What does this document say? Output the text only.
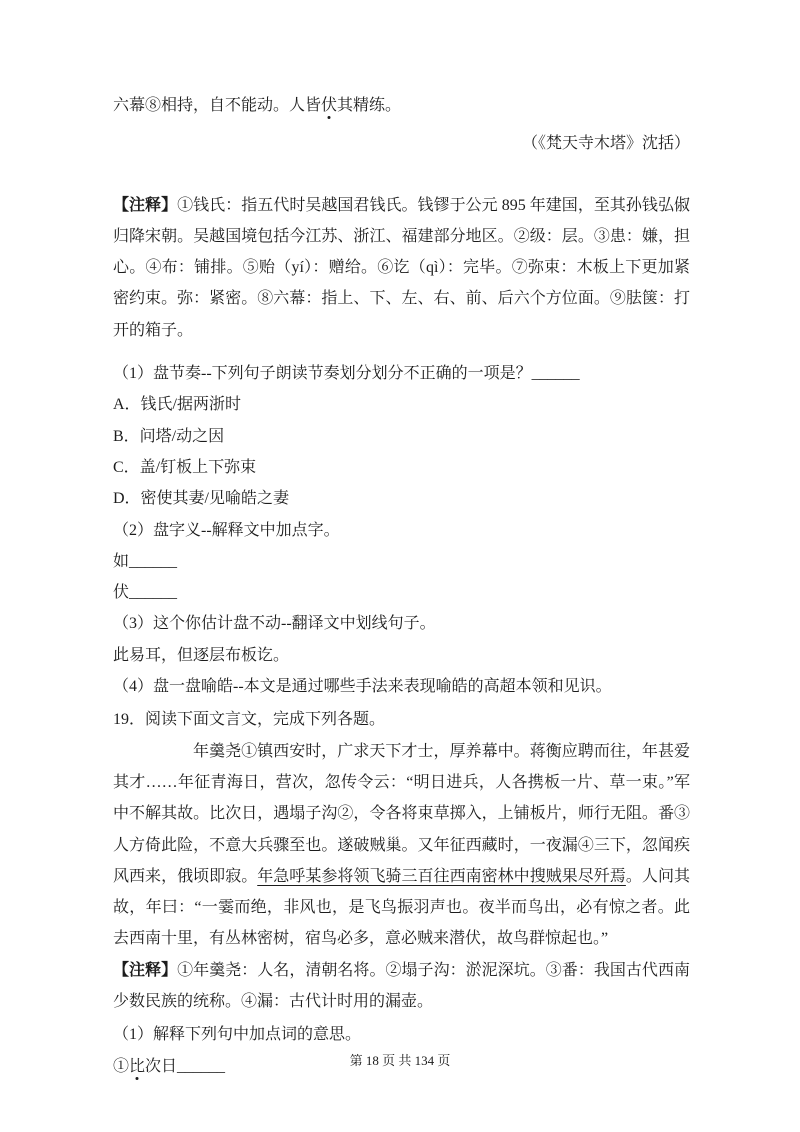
六幕⑧相持，自不能动。人皆伏其精练。

（《梵天寺木塔》沈括）

【注释】①钱氏：指五代时吴越国君钱氏。钱镠于公元 895 年建国，至其孙钱弘俶归降宋朝。吴越国境包括今江苏、浙江、福建部分地区。②级：层。③患：嫌，担心。④布：铺排。⑤贻（yí）：赠给。⑥讫（qì）：完毕。⑦弥束：木板上下更加紧密约束。弥：紧密。⑧六幕：指上、下、左、右、前、后六个方位面。⑨胠箧：打开的箱子。

（1）盘节奏--下列句子朗读节奏划分划分不正确的一项是？______

A．钱氏/据两浙时

B．问塔/动之因

C．盖/钉板上下弥束

D．密使其妻/见喻皓之妻

（2）盘字义--解释文中加点字。

如______

伏______

（3）这个你估计盘不动--翻译文中划线句子。

此易耳，但逐层布板讫。

（4）盘一盘喻皓--本文是通过哪些手法来表现喻皓的高超本领和见识。

19．阅读下面文言文，完成下列各题。

年羹尧①镇西安时，广求天下才士，厚养幕中。蒋衡应聘而往，年甚爱其才……年征青海日，营次，忽传令云：“明日进兵，人各携板一片、草一束。”军中不解其故。比次日，遇塌子沟②，令各将束草掷入，上铺板片，师行无阻。番③人方倚此险，不意大兵骤至也。遂破贼巢。又年征西藏时，一夜漏④三下，忽闻疾风西来，俄顷即寂。年急呼某参将领飞骑三百往西南密林中搜贼果尽歼焉。人问其故，年曰：“一霎而绝，非风也，是飞鸟振羽声也。夜半而鸟出，必有惊之者。此去西南十里，有丛林密树，宿鸟必多，意必贼来潜伏，故鸟群惊起也。”

【注释】①年羹尧：人名，清朝名将。②塌子沟：淤泥深坑。③番：我国古代西南少数民族的统称。④漏：古代计时用的漏壶。

（1）解释下列句中加点词的意思。

①比次日______	第 18 页 共 134 页
